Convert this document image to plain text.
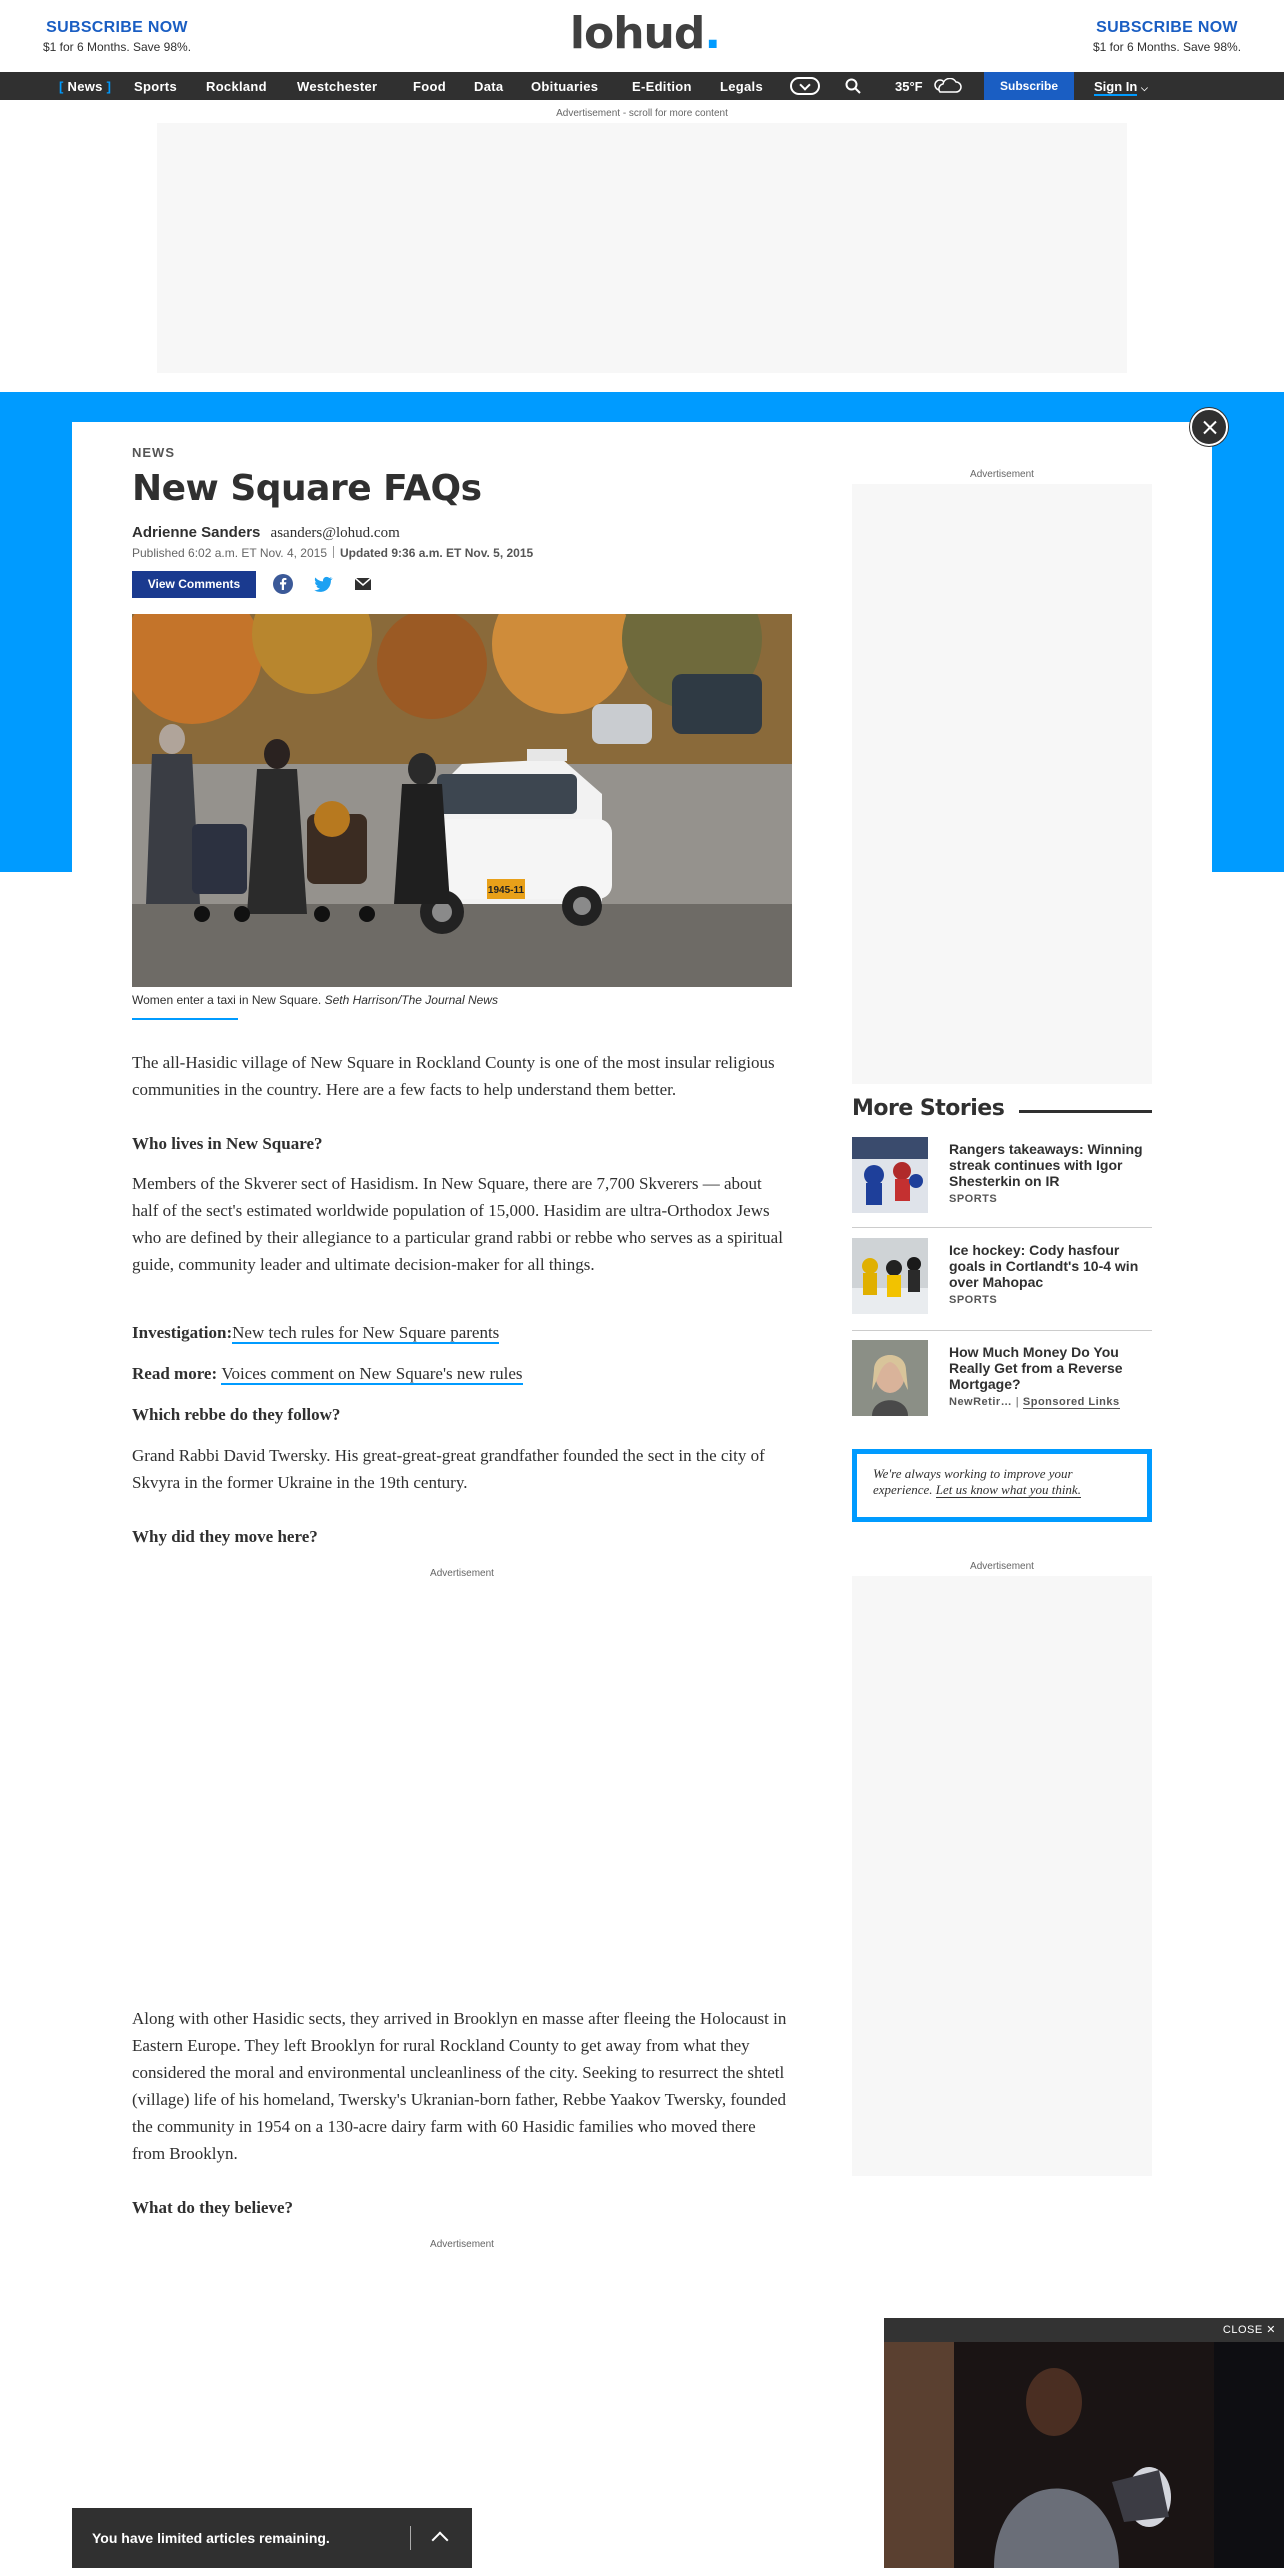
SUBSCRIBE NOW
$1 for 6 Months. Save 98%.	lohud.	SUBSCRIBE NOW
$1 for 6 Months. Save 98%.
[ News ] Sports Rockland Westchester	Food Data Obituaries	E-Edition Legals	35°F	Subscribe	Sign In ⌵
Advertisement - scroll for more content
NEWS
New Square FAQs
Adrienne Sanders asanders@lohud.com
Published 6:02 a.m. ET Nov. 4, 2015 Updated 9:36 a.m. ET Nov. 5, 2015
View Comments
1945-11
Women enter a taxi in New Square. Seth Harrison/The Journal News
The all-Hasidic village of New Square in Rockland County is one of the most insular religious communities in the country. Here are a few facts to help understand them better.
Who lives in New Square?
Members of the Skverer sect of Hasidism. In New Square, there are 7,700 Skverers — about half of the sect's estimated worldwide population of 15,000. Hasidim are ultra-Orthodox Jews who are defined by their allegiance to a particular grand rabbi or rebbe who serves as a spiritual guide, community leader and ultimate decision-maker for all things.
Investigation:New tech rules for New Square parents
Read more: Voices comment on New Square's new rules
Which rebbe do they follow?
Grand Rabbi David Twersky. His great-great-great grandfather founded the sect in the city of Skvyra in the former Ukraine in the 19th century.
Why did they move here?
Advertisement
Along with other Hasidic sects, they arrived in Brooklyn en masse after fleeing the Holocaust in Eastern Europe. They left Brooklyn for rural Rockland County to get away from what they considered the moral and environmental uncleanliness of the city. Seeking to resurrect the shtetl (village) life of his homeland, Twersky's Ukranian-born father, Rebbe Yaakov Twersky, founded the community in 1954 on a 130-acre dairy farm with 60 Hasidic families who moved there from Brooklyn.
What do they believe?
Advertisement
Advertisement
More Stories
Rangers takeaways: Winning streak continues with Igor Shesterkin on IR
SPORTS
Ice hockey: Cody hasfour goals in Cortlandt's 10-4 win over Mahopac
SPORTS
How Much Money Do You Really Get from a Reverse Mortgage?
NewRetir… | Sponsored Links
We're always working to improve your experience. Let us know what you think.
Advertisement
CLOSE ✕
You have limited articles remaining.
